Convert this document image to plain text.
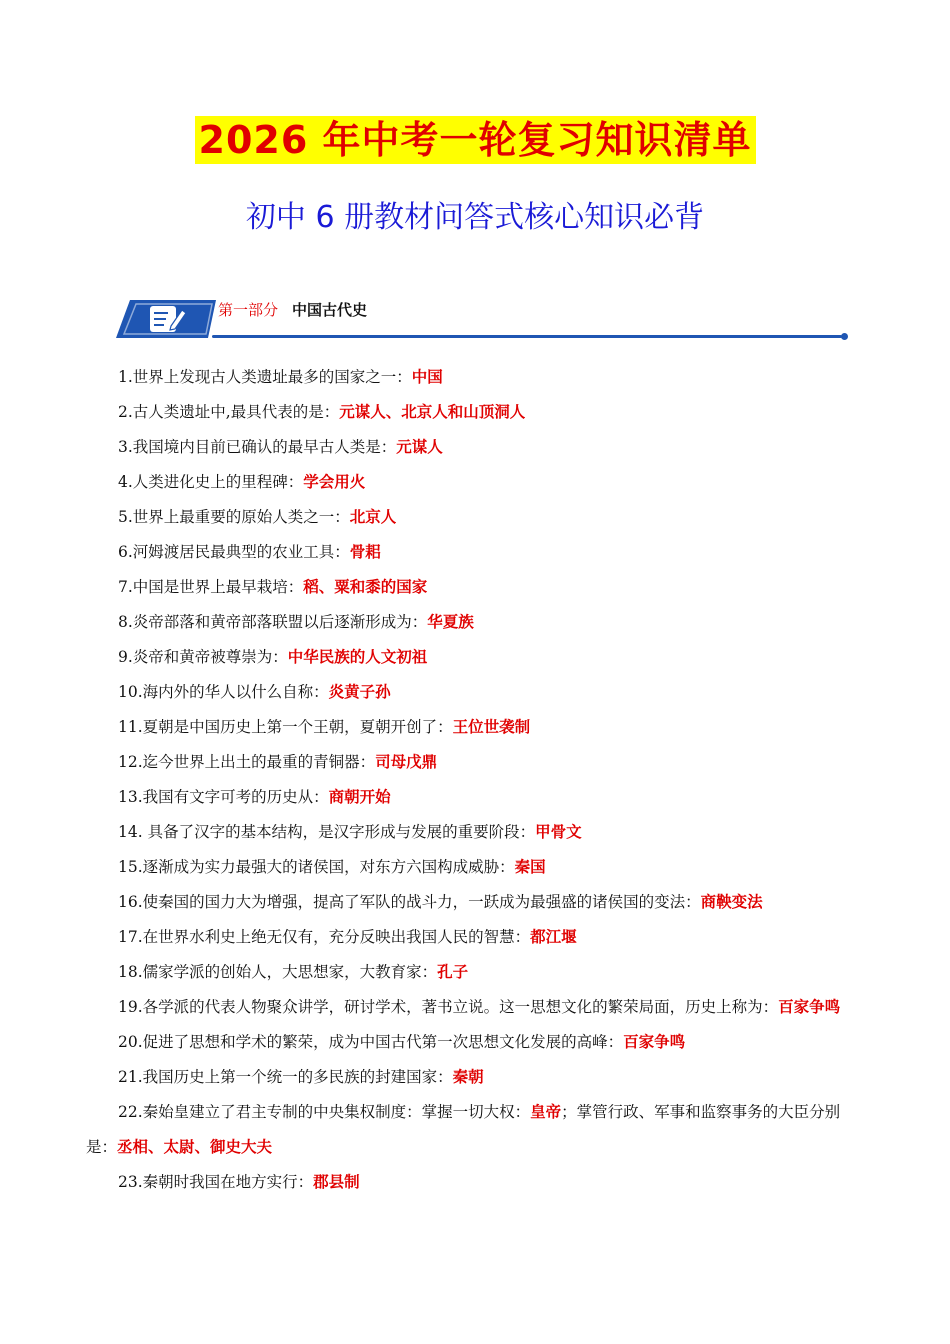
2026 年中考一轮复习知识清单
初中 6 册教材问答式核心知识必背
第一部分 中国古代史

1.世界上发现古人类遗址最多的国家之一：中国

2.古人类遗址中,最具代表的是：元谋人、北京人和山顶洞人

3.我国境内目前已确认的最早古人类是：元谋人

4.人类进化史上的里程碑：学会用火

5.世界上最重要的原始人类之一：北京人

6.河姆渡居民最典型的农业工具：骨耜

7.中国是世界上最早栽培：稻、粟和黍的国家

8.炎帝部落和黄帝部落联盟以后逐渐形成为：华夏族

9.炎帝和黄帝被尊崇为：中华民族的人文初祖

10.海内外的华人以什么自称：炎黄子孙

11.夏朝是中国历史上第一个王朝，夏朝开创了：王位世袭制

12.迄今世界上出土的最重的青铜器：司母戊鼎

13.我国有文字可考的历史从：商朝开始

14. 具备了汉字的基本结构，是汉字形成与发展的重要阶段：甲骨文

15.逐渐成为实力最强大的诸侯国，对东方六国构成威胁：秦国

16.使秦国的国力大为增强，提高了军队的战斗力，一跃成为最强盛的诸侯国的变法：商鞅变法

17.在世界水利史上绝无仅有，充分反映出我国人民的智慧：都江堰

18.儒家学派的创始人，大思想家，大教育家：孔子

19.各学派的代表人物聚众讲学，研讨学术，著书立说。这一思想文化的繁荣局面，历史上称为：百家争鸣

20.促进了思想和学术的繁荣，成为中国古代第一次思想文化发展的高峰：百家争鸣

21.我国历史上第一个统一的多民族的封建国家：秦朝

22.秦始皇建立了君主专制的中央集权制度：掌握一切大权：皇帝；掌管行政、军事和监察事务的大臣分别是：丞相、太尉、御史大夫

23.秦朝时我国在地方实行：郡县制
